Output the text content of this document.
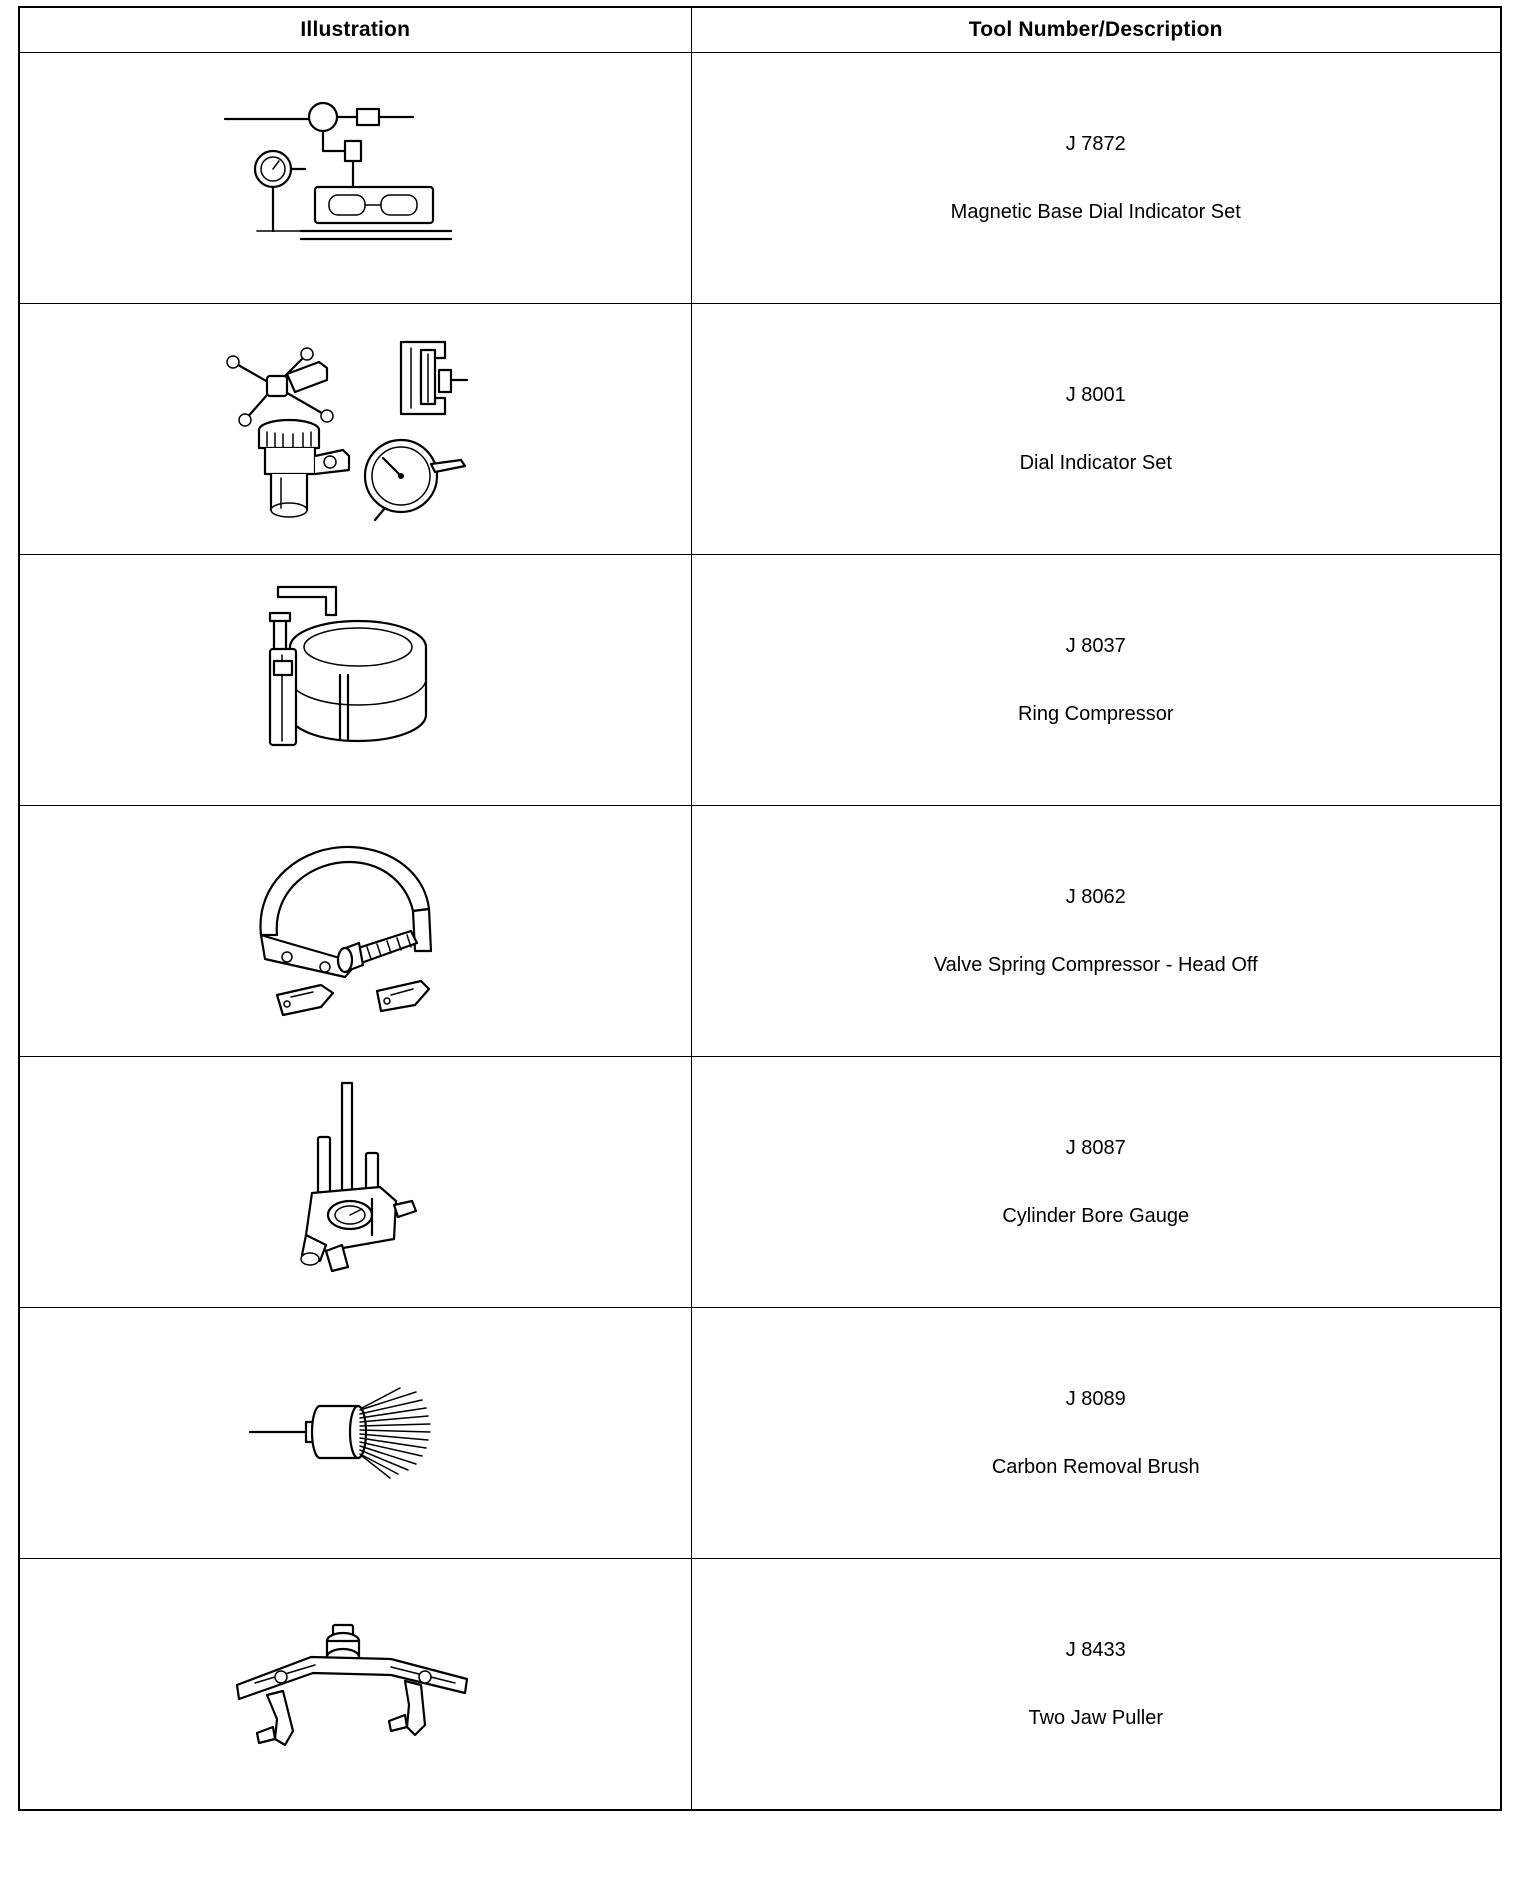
Illustration	Tool Number/Description

J 7872
Magnetic Base Dial Indicator Set

J 8001
Dial Indicator Set

J 8037
Ring Compressor

J 8062
Valve Spring Compressor - Head Off

J 8087
Cylinder Bore Gauge

J 8089
Carbon Removal Brush

J 8433
Two Jaw Puller
